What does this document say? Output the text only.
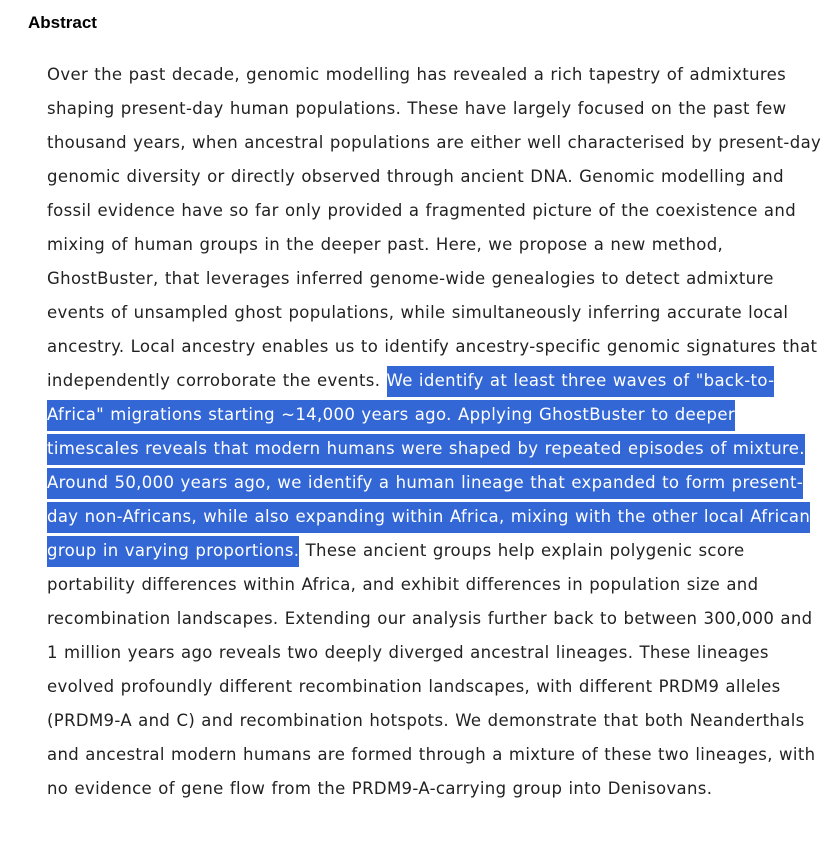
Abstract

Over the past decade, genomic modelling has revealed a rich tapestry of admixtures shaping present-day human populations. These have largely focused on the past few thousand years, when ancestral populations are either well characterised by present-day genomic diversity or directly observed through ancient DNA. Genomic modelling and fossil evidence have so far only provided a fragmented picture of the coexistence and mixing of human groups in the deeper past. Here, we propose a new method, GhostBuster, that leverages inferred genome-wide genealogies to detect admixture events of unsampled ghost populations, while simultaneously inferring accurate local ancestry. Local ancestry enables us to identify ancestry-specific genomic signatures that independently corroborate the events. We identify at least three waves of "back-to-Africa" migrations starting ~14,000 years ago. Applying GhostBuster to deeper timescales reveals that modern humans were shaped by repeated episodes of mixture. Around 50,000 years ago, we identify a human lineage that expanded to form present-day non-Africans, while also expanding within Africa, mixing with the other local African group in varying proportions. These ancient groups help explain polygenic score portability differences within Africa, and exhibit differences in population size and recombination landscapes. Extending our analysis further back to between 300,000 and 1 million years ago reveals two deeply diverged ancestral lineages. These lineages evolved profoundly different recombination landscapes, with different PRDM9 alleles (PRDM9-A and C) and recombination hotspots. We demonstrate that both Neanderthals and ancestral modern humans are formed through a mixture of these two lineages, with no evidence of gene flow from the PRDM9-A-carrying group into Denisovans.
